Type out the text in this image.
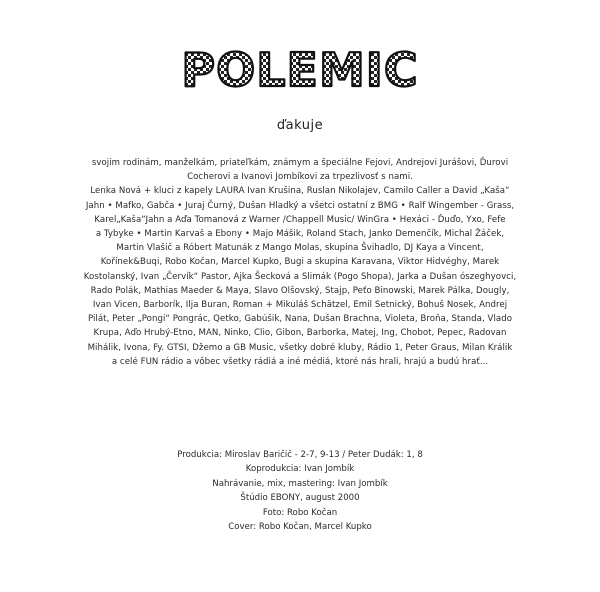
POLEMIC
ďakuje
svojim rodinám, manželkám, priateľkám, známym a špeciálne Fejovi, Andrejovi Jurášovi, Ďurovi
Cocherovi a Ivanovi Jombíkovi za trpezlivosť s nami.
Lenka Nová + kluci z kapely LAURA Ivan Krušina, Ruslan Nikolajev, Camilo Caller a David „Kaša“
Jahn • Mafko, Gabča • Juraj Čurný, Dušan Hladký a všetci ostatní z BMG • Ralf Wingember - Grass,
Karel„Kaša“Jahn a Aďa Tomanová z Warner /Chappell Music/ WinGra • Hexáci - Ďuďo, Yxo, Fefe
a Tybyke • Martin Karvaš a Ebony • Majo Mášik, Roland Stach, Janko Demenčík, Michal Žáček,
Martin Vlašič a Róbert Matunák z Mango Molas, skupina Švihadlo, DJ Kaya a Vincent,
Kořínek&Buqi, Robo Kočan, Marcel Kupko, Bugi a skupina Karavana, Viktor Hidvéghy, Marek
Kostolanský, Ivan „Červík“ Pastor, Ajka Šecková a Slimák (Pogo Shopa), Jarka a Dušan ószeghyovci,
Rado Polák, Mathias Maeder & Maya, Slavo Olšovský, Stajp, Peťo Binowski, Marek Pálka, Dougly,
Ivan Vicen, Barborík, Ilja Buran, Roman + Mikuláš Schätzel, Emil Setnický, Bohuš Nosek, Andrej
Pilát, Peter „Pongi“ Pongrác, Qetko, Gabúšik, Nana, Dušan Brachna, Violeta, Broňa, Standa, Vlado
Krupa, Aďo Hrubý-Etno, MAN, Ninko, Clio, Gibon, Barborka, Matej, Ing, Chobot, Pepec, Radovan
Mihálik, Ivona, Fy. GTSI, Džemo a GB Music, všetky dobré kluby, Rádio 1, Peter Graus, Milan Králik
a celé FUN rádio a vôbec všetky rádiá a iné médiá, ktoré nás hrali, hrajú a budú hrať...
Produkcia: Miroslav Baričič - 2-7, 9-13 / Peter Dudák: 1, 8
Koprodukcia: Ivan Jombík
Nahrávanie, mix, mastering: Ivan Jombík
Štúdio EBONY, august 2000
Foto: Robo Kočan
Cover: Robo Kočan, Marcel Kupko
